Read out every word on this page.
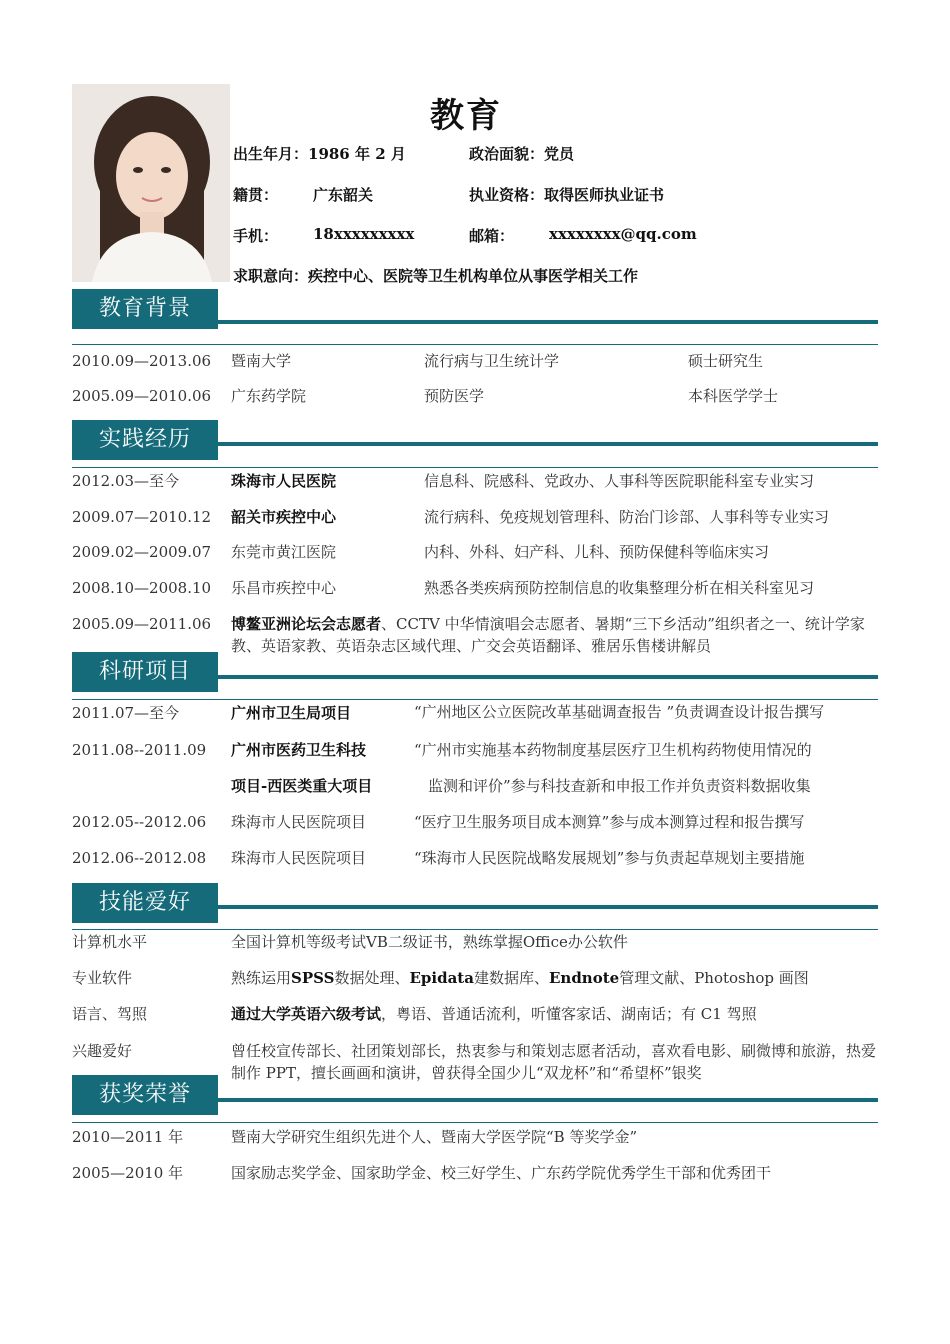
教育
出生年月：1986 年 2 月	政治面貌：党员
籍贯： 广东韶关	执业资格：取得医师执业证书
手机： 18xxxxxxxxx	邮箱： xxxxxxxx@qq.com
求职意向：疾控中心、医院等卫生机构单位从事医学相关工作
教育背景
2010.09—2013.06 暨南大学	流行病与卫生统计学	硕士研究生
2005.09—2010.06 广东药学院	预防医学	本科医学学士
实践经历
2012.03—至今	珠海市人民医院	信息科、院感科、党政办、人事科等医院职能科室专业实习
2009.07—2010.12 韶关市疾控中心	流行病科、免疫规划管理科、防治门诊部、人事科等专业实习
2009.02—2009.07 东莞市黄江医院	内科、外科、妇产科、儿科、预防保健科等临床实习
2008.10—2008.10 乐昌市疾控中心	熟悉各类疾病预防控制信息的收集整理分析在相关科室见习
2005.09—2011.06 博鳌亚洲论坛会志愿者、CCTV 中华情演唱会志愿者、暑期“三下乡活动”组织者之一、统计学家教、英语家教、英语杂志区域代理、广交会英语翻译、雅居乐售楼讲解员
科研项目
2011.07—至今	广州市卫生局项目	“广州地区公立医院改革基础调查报告 ”负责调查设计报告撰写
2011.08--2011.09 广州市医药卫生科技	“广州市实施基本药物制度基层医疗卫生机构药物使用情况的
项目-西医类重大项目	监测和评价”参与科技查新和申报工作并负责资料数据收集
2012.05--2012.06 珠海市人民医院项目	“医疗卫生服务项目成本测算”参与成本测算过程和报告撰写
2012.06--2012.08 珠海市人民医院项目	“珠海市人民医院战略发展规划”参与负责起草规划主要措施
技能爱好
计算机水平	全国计算机等级考试VB二级证书，熟练掌握Office办公软件
专业软件	熟练运用SPSS数据处理、Epidata建数据库、Endnote管理文献、Photoshop 画图
语言、驾照	通过大学英语六级考试，粤语、普通话流利，听懂客家话、湖南话；有 C1 驾照
兴趣爱好	曾任校宣传部长、社团策划部长，热衷参与和策划志愿者活动，喜欢看电影、刷微博和旅游，热爱制作 PPT，擅长画画和演讲，曾获得全国少儿“双龙杯”和“希望杯”银奖
获奖荣誉
2010—2011 年	暨南大学研究生组织先进个人、暨南大学医学院“B 等奖学金”
2005—2010 年	国家励志奖学金、国家助学金、校三好学生、广东药学院优秀学生干部和优秀团干
